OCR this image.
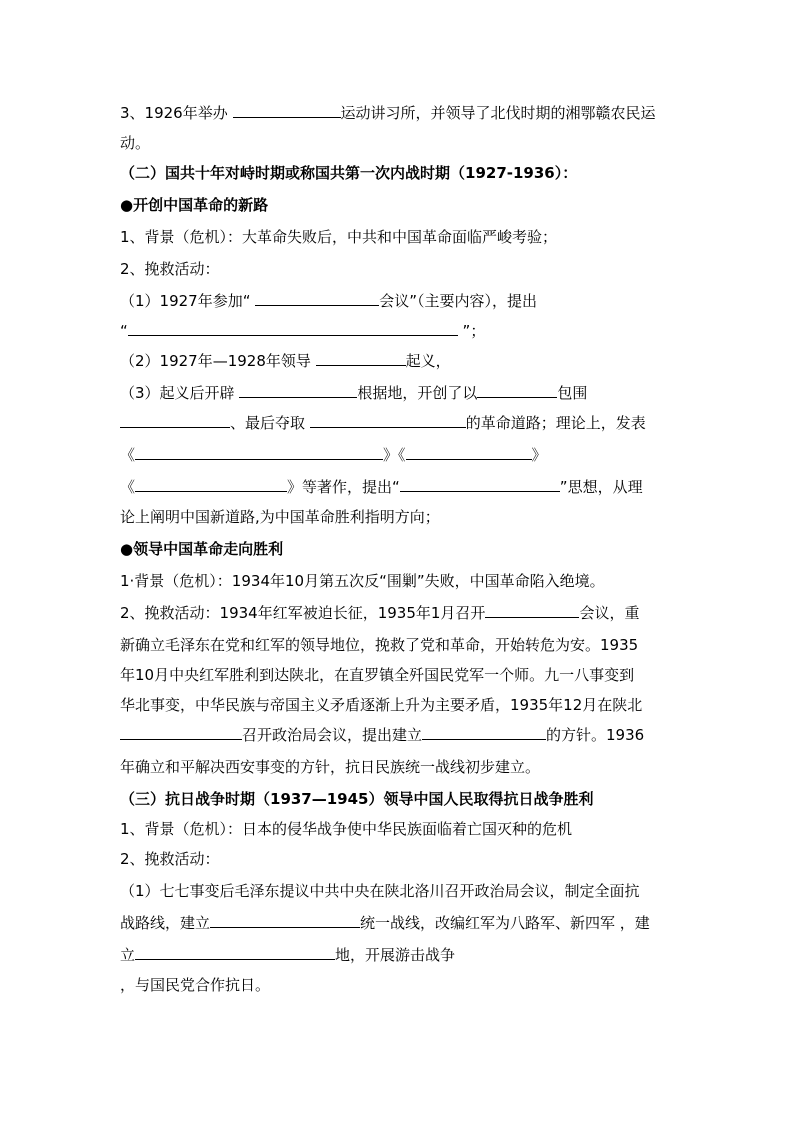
3、1926年举办	运动讲习所，并领导了北伐时期的湘鄂赣农民运
动。
（二）国共十年对峙时期或称国共第一次内战时期（1927-1936）：
●开创中国革命的新路
1、背景（危机）：大革命失败后，中共和中国革命面临严峻考验；
2、挽救活动：
（1）1927年参加“	会议”（主要内容），提出
“	”；
（2）1927年—1928年领导	起义，
（3）起义后开辟	根据地，开创了以	包围
、最后夺取	的革命道路；理论上，发表
《	》《	》
《	》等著作，提出“	”思想，从理
论上阐明中国新道路,为中国革命胜利指明方向；
●领导中国革命走向胜利
1·背景（危机）：1934年10月第五次反“围剿”失败，中国革命陷入绝境。
2、挽救活动：1934年红军被迫长征，1935年1月召开	会议，重
新确立毛泽东在党和红军的领导地位，挽救了党和革命，开始转危为安。1935
年10月中央红军胜利到达陕北，在直罗镇全歼国民党军一个师。九一八事变到
华北事变，中华民族与帝国主义矛盾逐渐上升为主要矛盾，1935年12月在陕北
召开政治局会议，提出建立	的方针。1936
年确立和平解决西安事变的方针，抗日民族统一战线初步建立。
（三）抗日战争时期（1937—1945）领导中国人民取得抗日战争胜利
1、背景（危机）：日本的侵华战争使中华民族面临着亡国灭种的危机
2、挽救活动：
（1）七七事变后毛泽东提议中共中央在陕北洛川召开政治局会议，制定全面抗
战路线，建立	统一战线，改编红军为八路军、新四军 ，建
立	地，开展游击战争
，与国民党合作抗日。
